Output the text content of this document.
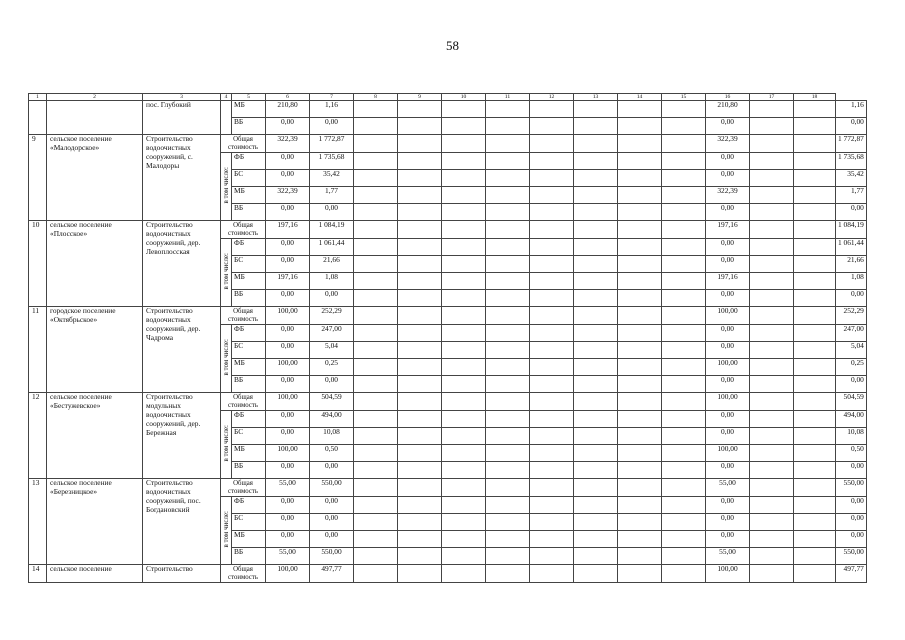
58
1	2	3	4	5	6	7	8	9	10	11	12	13	14	15	16	17	18	
		пос. Глубокий		МБ	210,80	1,16									210,80			1,16
				ВБ	0,00	0,00									0,00			0,00
9	сельское поселение «Малодорское»	Строительство водоочистных сооружений, с. Малодоры	Общая стоимость		322,39	1 772,87									322,39			1 772,87
			в том числе:	ФБ	0,00	1 735,68									0,00			1 735,68
				БС	0,00	35,42									0,00			35,42
				МБ	322,39	1,77									322,39			1,77
				ВБ	0,00	0,00									0,00			0,00
10	сельское поселение «Плосское»	Строительство водоочистных сооружений, дер. Левоплосская	Общая стоимость		197,16	1 084,19									197,16			1 084,19
			в том числе:	ФБ	0,00	1 061,44									0,00			1 061,44
				БС	0,00	21,66									0,00			21,66
				МБ	197,16	1,08									197,16			1,08
				ВБ	0,00	0,00									0,00			0,00
11	городское поселение «Октябрьское»	Строительство водоочистных сооружений, дер. Чадрома	Общая стоимость		100,00	252,29									100,00			252,29
			в том числе:	ФБ	0,00	247,00									0,00			247,00
				БС	0,00	5,04									0,00			5,04
				МБ	100,00	0,25									100,00			0,25
				ВБ	0,00	0,00									0,00			0,00
12	сельское поселение «Бестужевское»	Строительство модульных водоочистных сооружений, дер. Бережная	Общая стоимость		100,00	504,59									100,00			504,59
			в том числе:	ФБ	0,00	494,00									0,00			494,00
				БС	0,00	10,08									0,00			10,08
				МБ	100,00	0,50									100,00			0,50
				ВБ	0,00	0,00									0,00			0,00
13	сельское поселение «Березницкое»	Строительство водоочистных сооружений, пос. Богдановский	Общая стоимость		55,00	550,00									55,00			550,00
			в том числе:	ФБ	0,00	0,00									0,00			0,00
				БС	0,00	0,00									0,00			0,00
				МБ	0,00	0,00									0,00			0,00
				ВБ	55,00	550,00									55,00			550,00
14	сельское поселение	Строительство	Общая стоимость		100,00	497,77									100,00			497,77
